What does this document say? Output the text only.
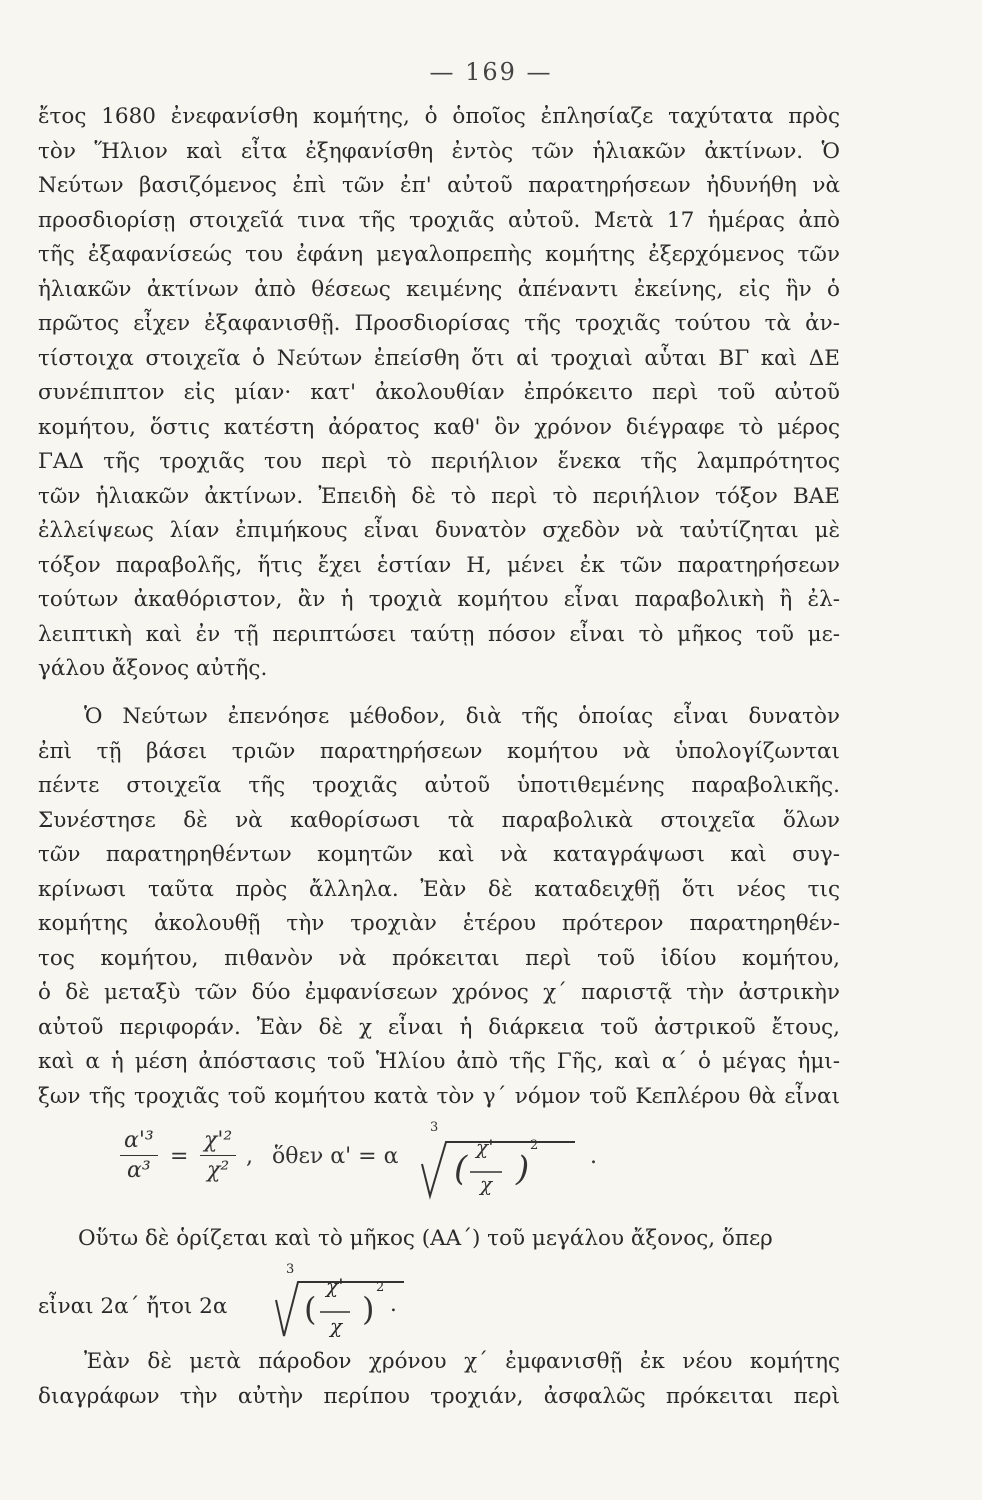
— 169 —
ἔτος 1680 ἐνεφανίσθη κομήτης, ὁ ὁποῖος ἐπλησίαζε ταχύτατα πρὸς
τὸν Ἥλιον καὶ εἶτα ἐξηφανίσθη ἐντὸς τῶν ἡλιακῶν ἀκτίνων. Ὁ
Νεύτων βασιζόμενος ἐπὶ τῶν ἐπ' αὐτοῦ παρατηρήσεων ἠδυνήθη νὰ
προσδιορίσῃ στοιχεῖά τινα τῆς τροχιᾶς αὐτοῦ. Μετὰ 17 ἡμέρας ἀπὸ
τῆς ἐξαφανίσεώς του ἐφάνη μεγαλοπρεπὴς κομήτης ἐξερχόμενος τῶν
ἡλιακῶν ἀκτίνων ἀπὸ θέσεως κειμένης ἀπέναντι ἐκείνης, εἰς ἣν ὁ
πρῶτος εἶχεν ἐξαφανισθῇ. Προσδιορίσας τῆς τροχιᾶς τούτου τὰ ἀν-
τίστοιχα στοιχεῖα ὁ Νεύτων ἐπείσθη ὅτι αἱ τροχιαὶ αὗται ΒΓ καὶ ΔΕ
συνέπιπτον εἰς μίαν· κατ' ἀκολουθίαν ἐπρόκειτο περὶ τοῦ αὐτοῦ
κομήτου, ὅστις κατέστη ἀόρατος καθ' ὃν χρόνον διέγραφε τὸ μέρος
ΓΑΔ τῆς τροχιᾶς του περὶ τὸ περιήλιον ἕνεκα τῆς λαμπρότητος
τῶν ἡλιακῶν ἀκτίνων. Ἐπειδὴ δὲ τὸ περὶ τὸ περιήλιον τόξον ΒΑΕ
ἐλλείψεως λίαν ἐπιμήκους εἶναι δυνατὸν σχεδὸν νὰ ταὐτίζηται μὲ
τόξον παραβολῆς, ἥτις ἔχει ἑστίαν Η, μένει ἐκ τῶν παρατηρήσεων
τούτων ἀκαθόριστον, ἂν ἡ τροχιὰ κομήτου εἶναι παραβολικὴ ἢ ἐλ-
λειπτικὴ καὶ ἐν τῇ περιπτώσει ταύτῃ πόσον εἶναι τὸ μῆκος τοῦ με-
γάλου ἄξονος αὐτῆς.
Ὁ Νεύτων ἐπενόησε μέθοδον, διὰ τῆς ὁποίας εἶναι δυνατὸν
ἐπὶ τῇ βάσει τριῶν παρατηρήσεων κομήτου νὰ ὑπολογίζωνται
πέντε στοιχεῖα τῆς τροχιᾶς αὐτοῦ ὑποτιθεμένης παραβολικῆς.
Συνέστησε δὲ νὰ καθορίσωσι τὰ παραβολικὰ στοιχεῖα ὅλων
τῶν παρατηρηθέντων κομητῶν καὶ νὰ καταγράψωσι καὶ συγ-
κρίνωσι ταῦτα πρὸς ἄλληλα. Ἐὰν δὲ καταδειχθῇ ὅτι νέος τις
κομήτης ἀκολουθῇ τὴν τροχιὰν ἑτέρου πρότερον παρατηρηθέν-
τος κομήτου, πιθανὸν νὰ πρόκειται περὶ τοῦ ἰδίου κομήτου,
ὁ δὲ μεταξὺ τῶν δύο ἐμφανίσεων χρόνος χ΄ παριστᾷ τὴν ἀστρικὴν
αὐτοῦ περιφοράν. Ἐὰν δὲ χ εἶναι ἡ διάρκεια τοῦ ἀστρικοῦ ἔτους,
καὶ α ἡ μέση ἀπόστασις τοῦ Ἡλίου ἀπὸ τῆς Γῆς, καὶ α΄ ὁ μέγας ἡμι-
ξων τῆς τροχιᾶς τοῦ κομήτου κατὰ τὸν γ΄ νόμον τοῦ Κεπλέρου θὰ εἶναι
$\frac{\text{α'³}}{\text{α³}} = \frac{\text{χ'²}}{\text{χ²}}$ , ὅθεν α' = α
3
( )
χ'
χ
2 .
Οὕτω δὲ ὁρίζεται καὶ τὸ μῆκος (ΑΑ΄) τοῦ μεγάλου ἄξονος, ὅπερ
εἶναι 2α΄ ἤτοι 2α
3
( )
χ'
χ
2
.
Ἐὰν δὲ μετὰ πάροδον χρόνου χ΄ ἐμφανισθῇ ἐκ νέου κομήτης
διαγράφων τὴν αὐτὴν περίπου τροχιάν, ἀσφαλῶς πρόκειται περὶ
